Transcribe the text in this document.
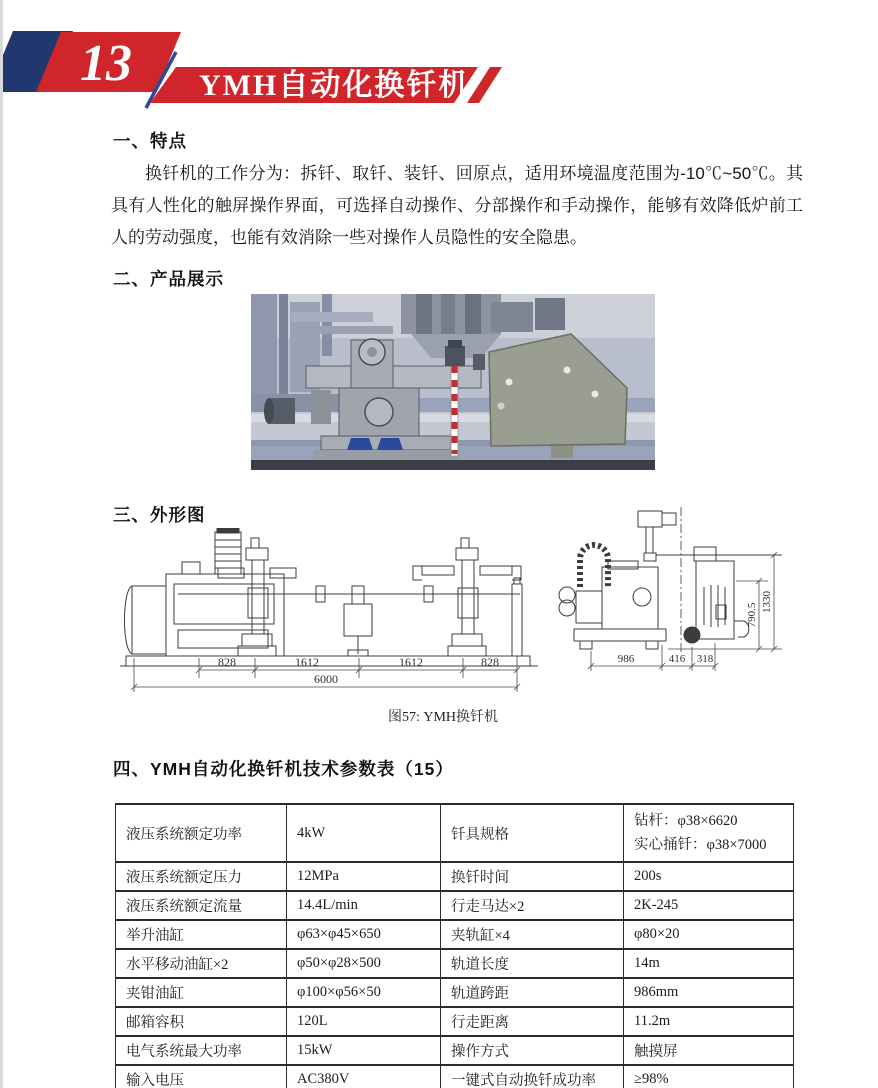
13 YMH自动化换钎机
一、特点
换钎机的工作分为：拆钎、取钎、装钎、回原点，适用环境温度范围为-10℃~50℃。其具有人性化的触屏操作界面，可选择自动操作、分部操作和手动操作，能够有效降低炉前工人的劳动强度，也能有效消除一些对操作人员隐性的安全隐患。
二、产品展示
三、外形图
828	1612	1612	828
6000
986	416 318
1330
790.5
图57: YMH换钎机
四、YMH自动化换钎机技术参数表（15）
液压系统额定功率	4kW	钎具规格	钻杆：φ38×6620
实心捅钎：φ38×7000

液压系统额定压力	12MPa	换钎时间	200s
液压系统额定流量	14.4L/min	行走马达×2	2K-245
举升油缸	φ63×φ45×650	夹轨缸×4	φ80×20
水平移动油缸×2	φ50×φ28×500	轨道长度	14m
夹钳油缸	φ100×φ56×50	轨道跨距	986mm
邮箱容积	120L	行走距离	11.2m
电气系统最大功率	15kW	操作方式	触摸屏
输入电压	AC380V	一键式自动换钎成功率	≥98%
